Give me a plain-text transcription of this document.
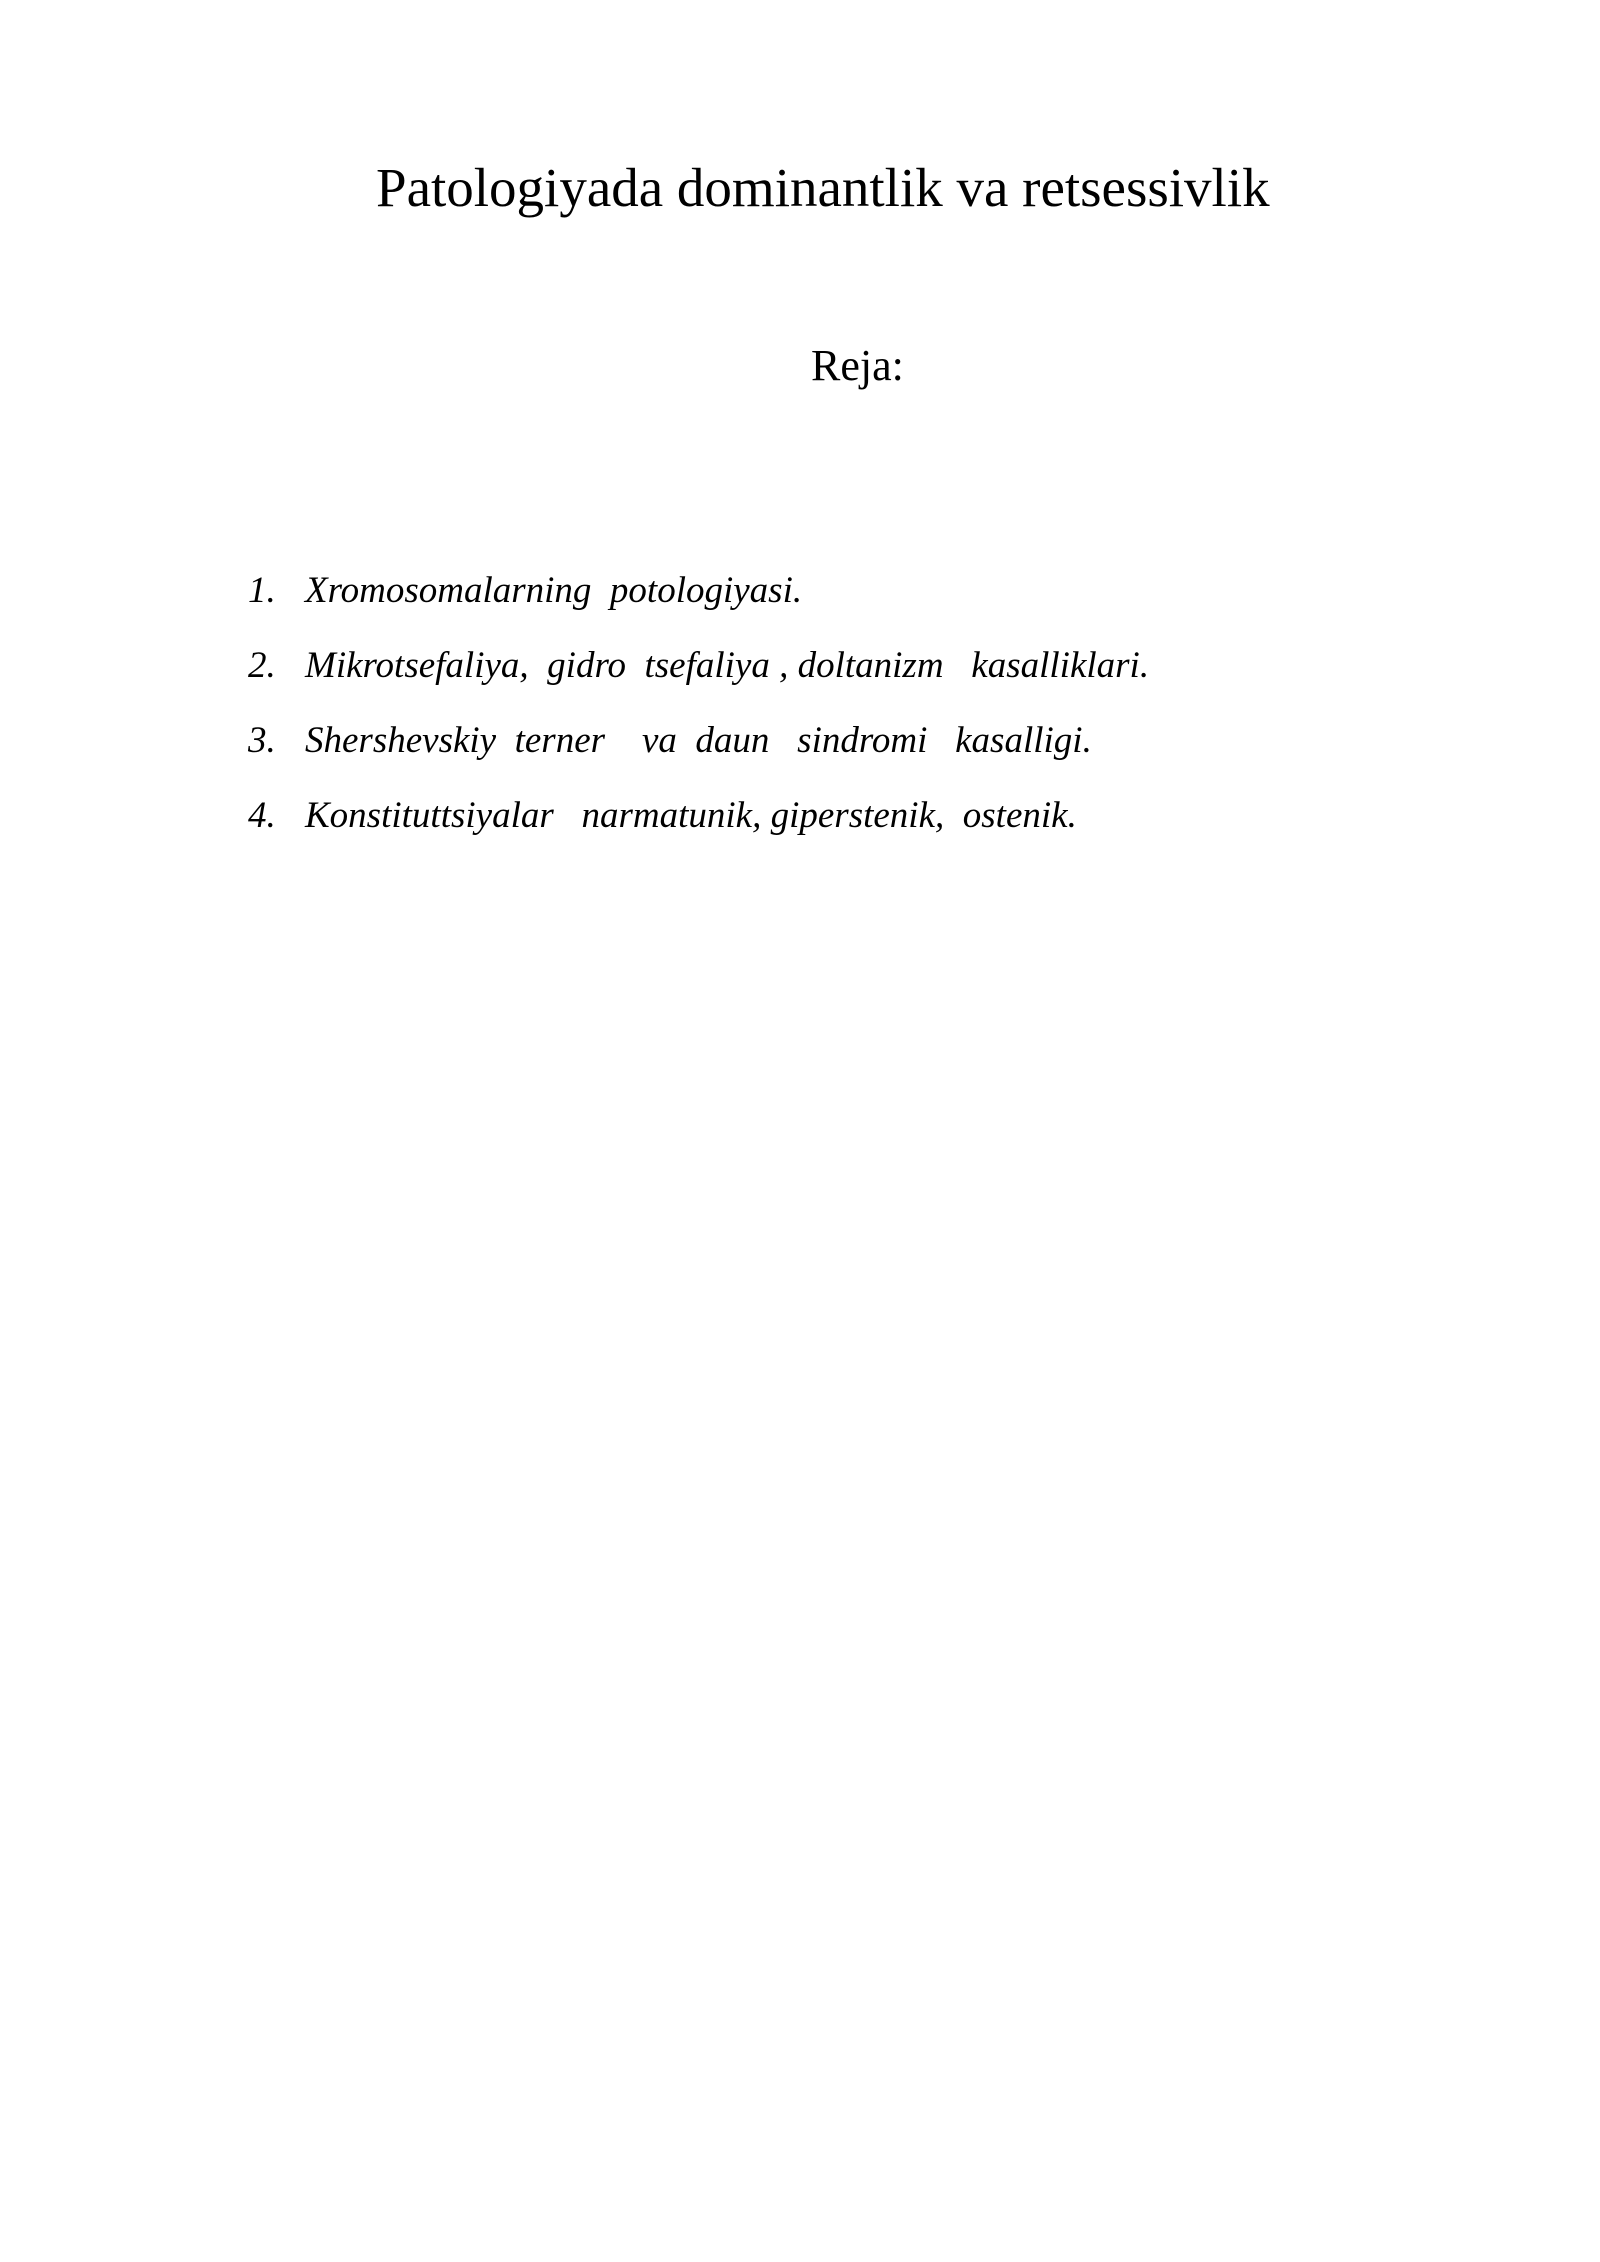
Patologiyada dominantlik va retsessivlik
Reja:
1. Xromosomalarning  potologiyasi.
2. Mikrotsefaliya,  gidro  tsefaliya , doltanizm   kasalliklari.
3. Shershevskiy  terner    va  daun   sindromi   kasalligi.
4. Konstituttsiyalar   narmatunik, giperstenik,  ostenik.
